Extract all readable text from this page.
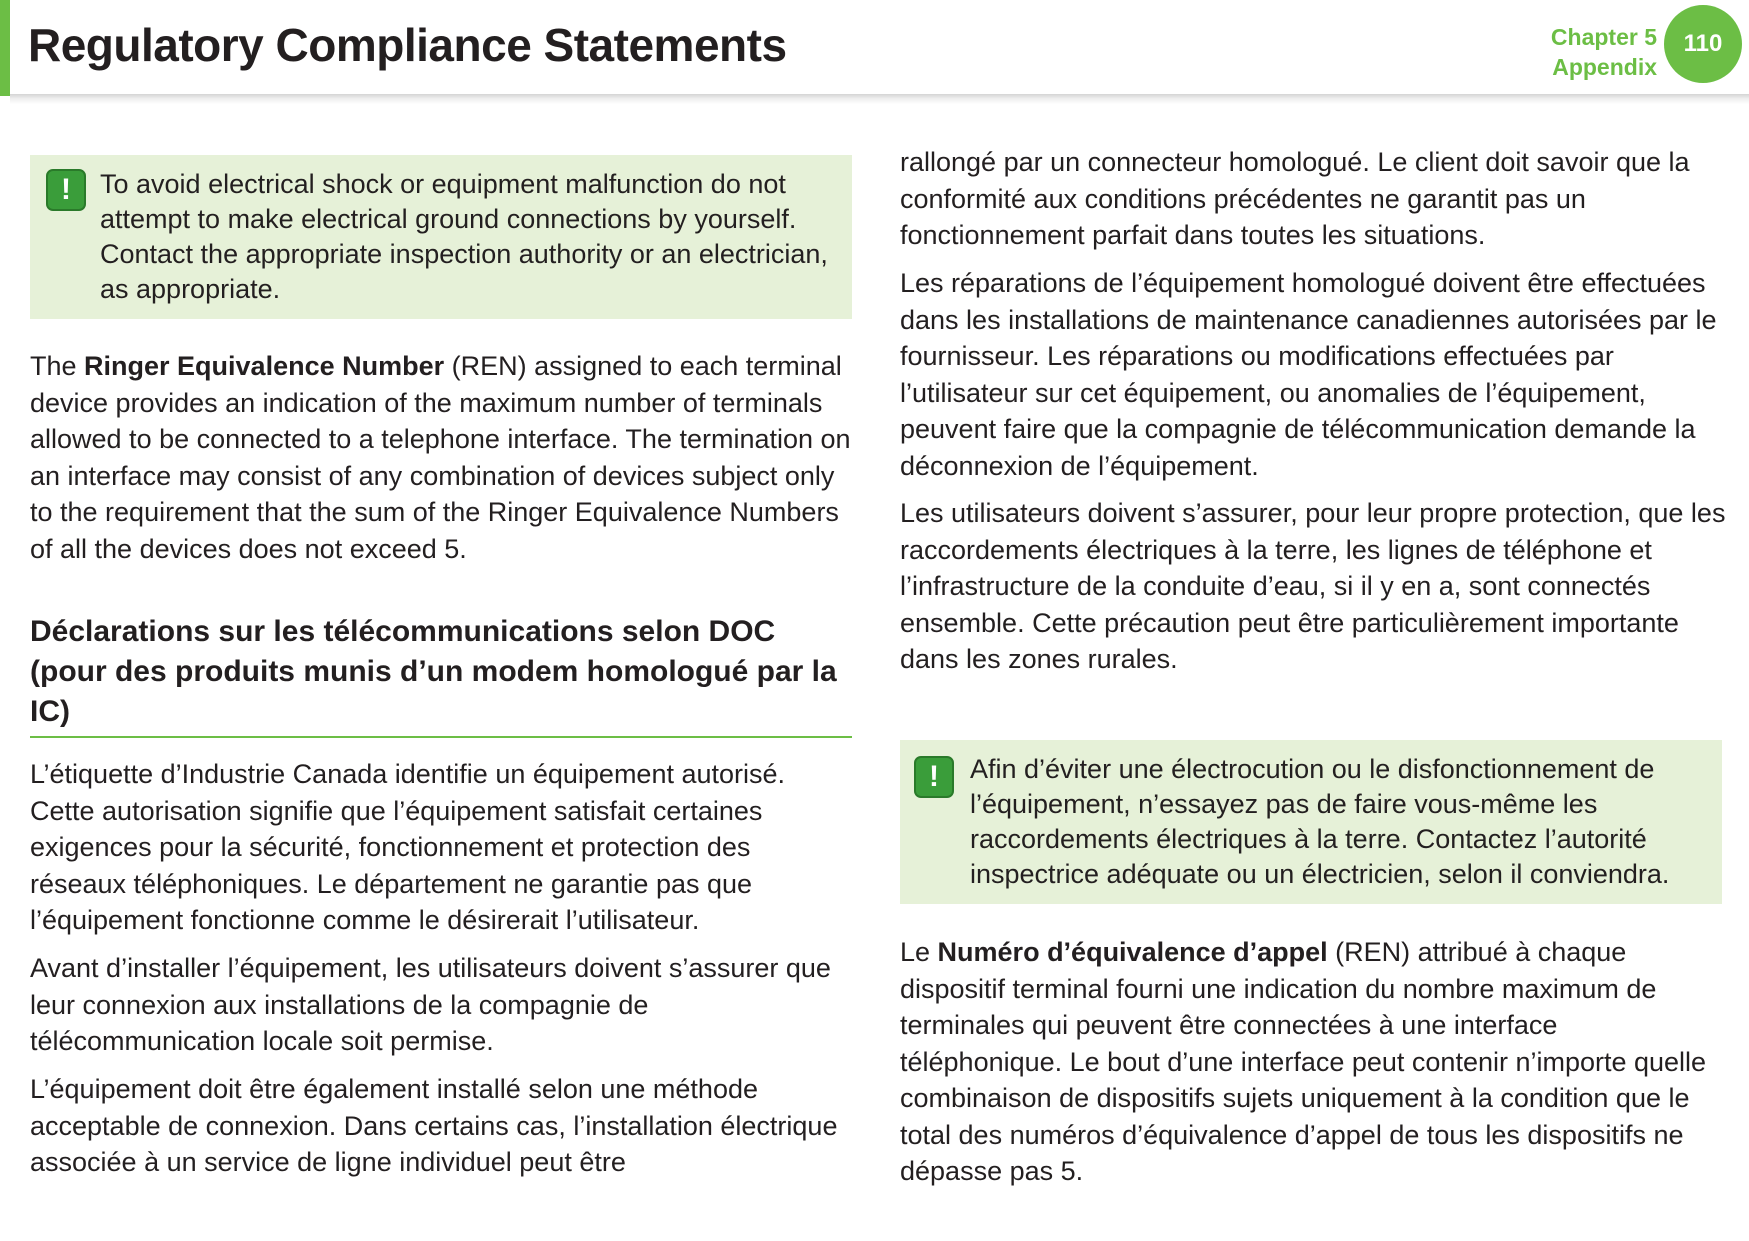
Regulatory Compliance Statements	Chapter 5
Appendix
110
!	To avoid electrical shock or equipment malfunction do not attempt to make electrical ground connections by yourself. Contact the appropriate inspection authority or an electrician, as appropriate.

The Ringer Equivalence Number (REN) assigned to each terminal device provides an indication of the maximum number of terminals allowed to be connected to a telephone interface. The termination on an interface may consist of any combination of devices subject only to the requirement that the sum of the Ringer Equivalence Numbers of all the devices does not exceed 5.

Déclarations sur les télécommunications selon DOC (pour des produits munis d’un modem homologué par la IC)

L’étiquette d’Industrie Canada identifie un équipement autorisé. Cette autorisation signifie que l’équipement satisfait certaines exigences pour la sécurité, fonctionnement et protection des réseaux téléphoniques. Le département ne garantie pas que l’équipement fonctionne comme le désirerait l’utilisateur.

Avant d’installer l’équipement, les utilisateurs doivent s’assurer que leur connexion aux installations de la compagnie de télécommunication locale soit permise.

L’équipement doit être également installé selon une méthode acceptable de connexion. Dans certains cas, l’installation électrique associée à un service de ligne individuel peut être

rallongé par un connecteur homologué. Le client doit savoir que la conformité aux conditions précédentes ne garantit pas un fonctionnement parfait dans toutes les situations.

Les réparations de l’équipement homologué doivent être effectuées dans les installations de maintenance canadiennes autorisées par le fournisseur. Les réparations ou modifications effectuées par l’utilisateur sur cet équipement, ou anomalies de l’équipement, peuvent faire que la compagnie de télécommunication demande la déconnexion de l’équipement.

Les utilisateurs doivent s’assurer, pour leur propre protection, que les raccordements électriques à la terre, les lignes de téléphone et l’infrastructure de la conduite d’eau, si il y en a, sont connectés ensemble. Cette précaution peut être particulièrement importante dans les zones rurales.

!	Afin d’éviter une électrocution ou le disfonctionnement de l’équipement, n’essayez pas de faire vous-même les raccordements électriques à la terre. Contactez l’autorité inspectrice adéquate ou un électricien, selon il conviendra.

Le Numéro d’équivalence d’appel (REN) attribué à chaque dispositif terminal fourni une indication du nombre maximum de terminales qui peuvent être connectées à une interface téléphonique. Le bout d’une interface peut contenir n’importe quelle combinaison de dispositifs sujets uniquement à la condition que le total des numéros d’équivalence d’appel de tous les dispositifs ne dépasse pas 5.
